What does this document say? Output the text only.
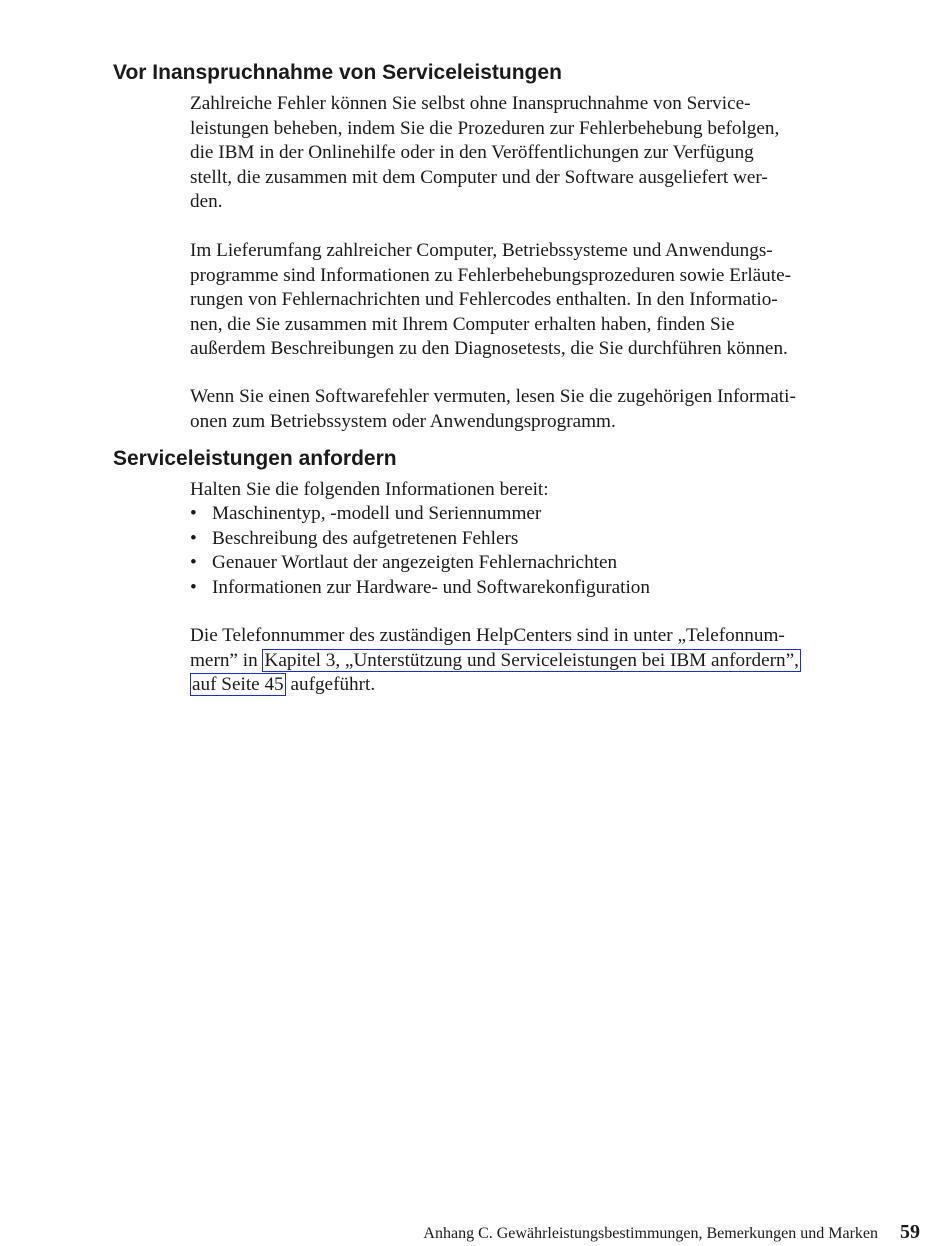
Vor Inanspruchnahme von Serviceleistungen
Zahlreiche Fehler können Sie selbst ohne Inanspruchnahme von Service-
leistungen beheben, indem Sie die Prozeduren zur Fehlerbehebung befolgen,
die IBM in der Onlinehilfe oder in den Veröffentlichungen zur Verfügung
stellt, die zusammen mit dem Computer und der Software ausgeliefert wer-
den.
Im Lieferumfang zahlreicher Computer, Betriebssysteme und Anwendungs-
programme sind Informationen zu Fehlerbehebungsprozeduren sowie Erläute-
rungen von Fehlernachrichten und Fehlercodes enthalten. In den Informatio-
nen, die Sie zusammen mit Ihrem Computer erhalten haben, finden Sie
außerdem Beschreibungen zu den Diagnosetests, die Sie durchführen können.
Wenn Sie einen Softwarefehler vermuten, lesen Sie die zugehörigen Informati-
onen zum Betriebssystem oder Anwendungsprogramm.
Serviceleistungen anfordern
Halten Sie die folgenden Informationen bereit:
• Maschinentyp, -modell und Seriennummer
• Beschreibung des aufgetretenen Fehlers
• Genauer Wortlaut der angezeigten Fehlernachrichten
• Informationen zur Hardware- und Softwarekonfiguration
Die Telefonnummer des zuständigen HelpCenters sind in unter „Telefonnum-
mern” in Kapitel 3, „Unterstützung und Serviceleistungen bei IBM anfordern”,
auf Seite 45 aufgeführt.
Anhang C. Gewährleistungsbestimmungen, Bemerkungen und Marken 59
